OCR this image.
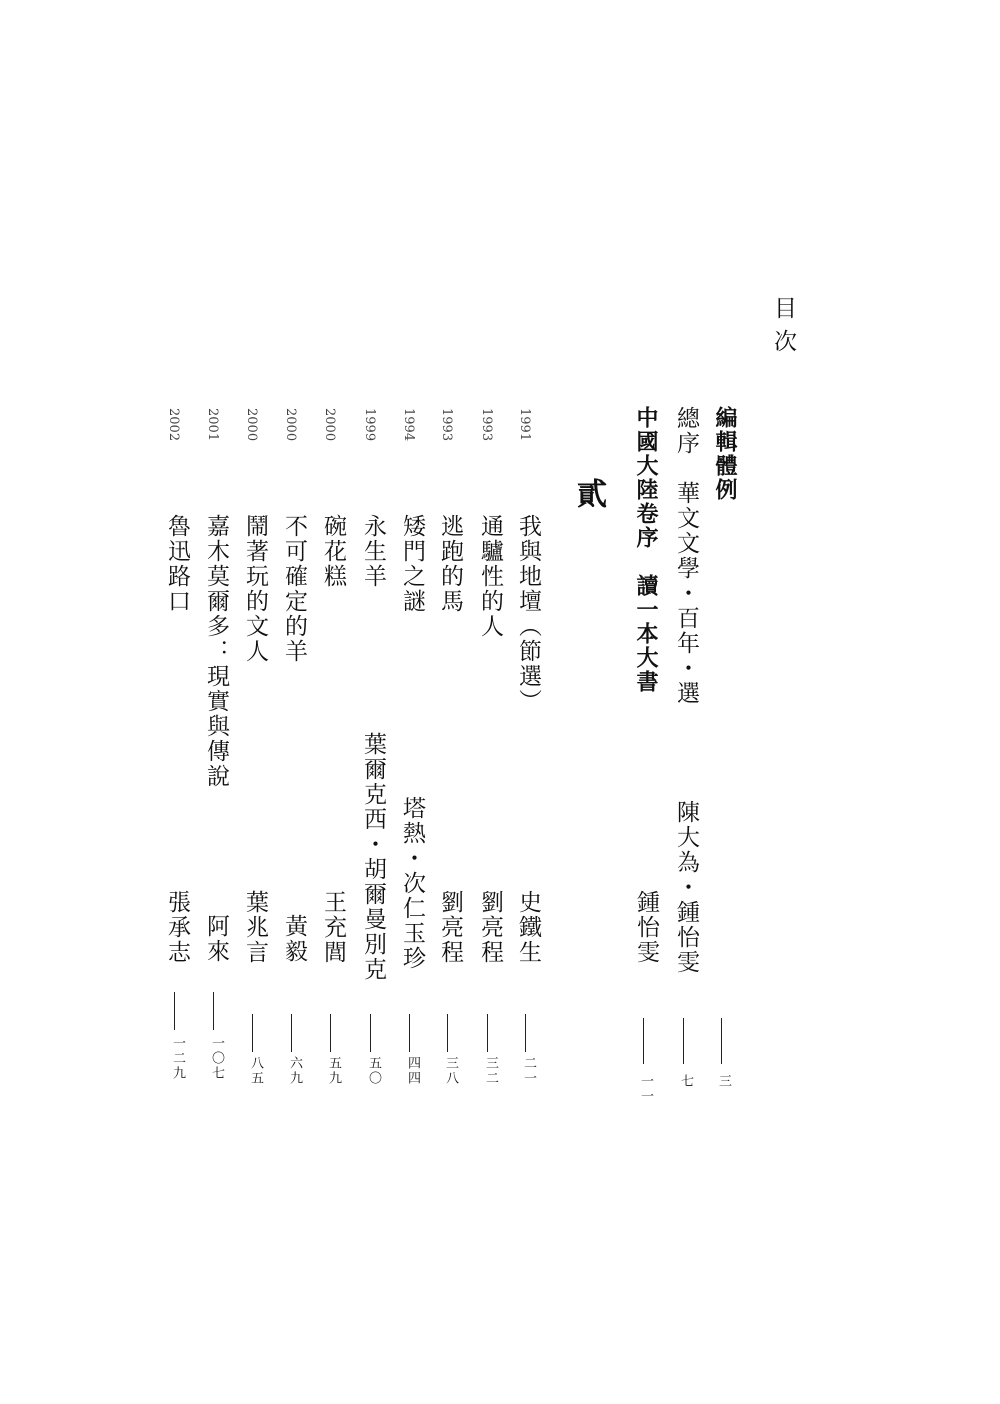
目次
編輯體例
三
總序　華文文學・百年・選
陳大為・鍾怡雯
七
中國大陸卷序　讀一本大書
鍾怡雯
一一
貳
1991
我與地壇（節選）
史鐵生
二一
1993
通驢性的人
劉亮程
三二
1993
逃跑的馬
劉亮程
三八
1994
矮門之謎
塔熱・次仁玉珍
四四
1999
永生羊
葉爾克西・胡爾曼別克
五〇
2000
碗花糕
王充閭
五九
2000
不可確定的羊
黃毅
六九
2000
鬧著玩的文人
葉兆言
八五
2001
嘉木莫爾多：現實與傳說
阿來
一〇七
2002
魯迅路口
張承志
一二九
